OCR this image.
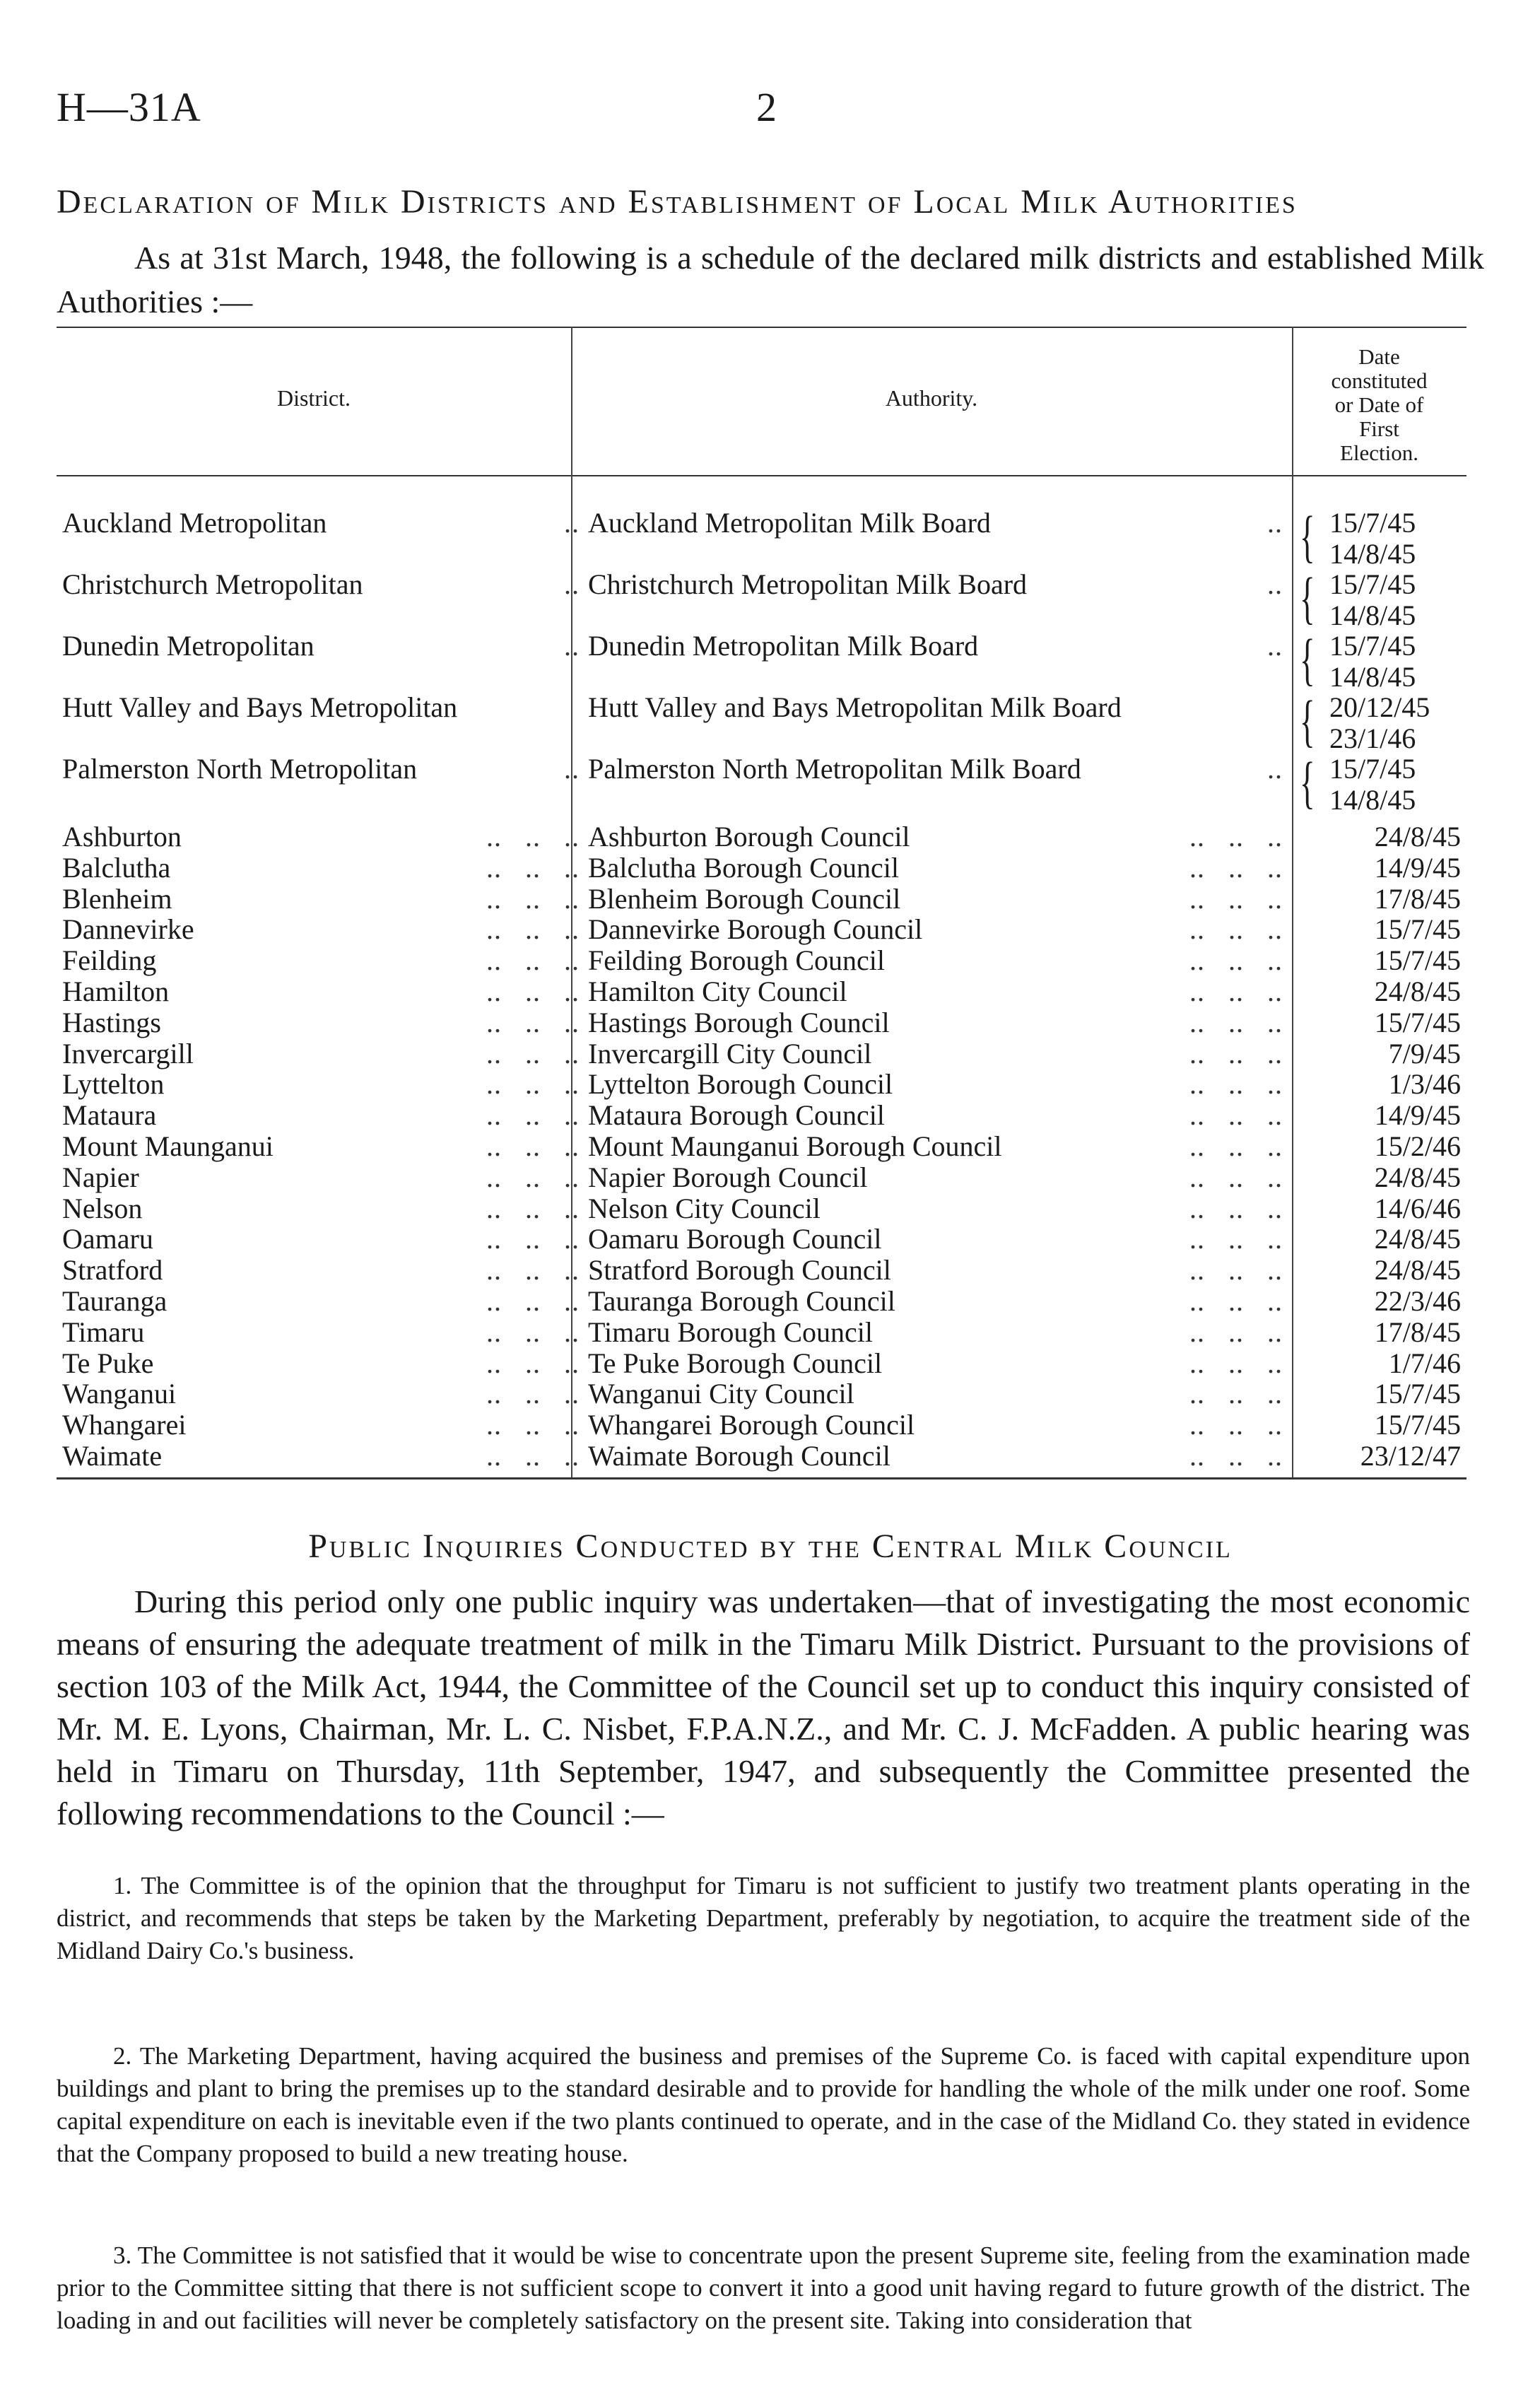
H—31A	2
Declaration of Milk Districts and Establishment of Local Milk Authorities
As at 31st March, 1948, the following is a schedule of the declared milk districts and established Milk Authorities :—
District.	Authority.
Date
constituted
or Date of
First
Election.
Auckland Metropolitan	.. Auckland Metropolitan Milk Board	.. { 15/7/45
14/8/45
Christchurch Metropolitan	.. Christchurch Metropolitan Milk Board	.. { 15/7/45
14/8/45
Dunedin Metropolitan	.. Dunedin Metropolitan Milk Board	.. { 15/7/45
14/8/45
Hutt Valley and Bays Metropolitan	Hutt Valley and Bays Metropolitan Milk Board	{ 20/12/45
23/1/46
Palmerston North Metropolitan	.. Palmerston North Metropolitan Milk Board	.. { 15/7/45
14/8/45
Ashburton	..   ..   .. Ashburton Borough Council	..   ..   ..	24/8/45
Balclutha	..   ..   .. Balclutha Borough Council	..   ..   ..	14/9/45
Blenheim	..   ..   .. Blenheim Borough Council	..   ..   ..	17/8/45
Dannevirke	..   ..   .. Dannevirke Borough Council	..   ..   ..	15/7/45
Feilding	..   ..   .. Feilding Borough Council	..   ..   ..	15/7/45
Hamilton	..   ..   .. Hamilton City Council	..   ..   ..	24/8/45
Hastings	..   ..   .. Hastings Borough Council	..   ..   ..	15/7/45
Invercargill	..   ..   .. Invercargill City Council	..   ..   ..	7/9/45
Lyttelton	..   ..   .. Lyttelton Borough Council	..   ..   ..	1/3/46
Mataura	..   ..   .. Mataura Borough Council	..   ..   ..	14/9/45
Mount Maunganui	..   ..   .. Mount Maunganui Borough Council	..   ..   ..	15/2/46
Napier	..   ..   .. Napier Borough Council	..   ..   ..	24/8/45
Nelson	..   ..   .. Nelson City Council	..   ..   ..	14/6/46
Oamaru	..   ..   .. Oamaru Borough Council	..   ..   ..	24/8/45
Stratford	..   ..   .. Stratford Borough Council	..   ..   ..	24/8/45
Tauranga	..   ..   .. Tauranga Borough Council	..   ..   ..	22/3/46
Timaru	..   ..   .. Timaru Borough Council	..   ..   ..	17/8/45
Te Puke	..   ..   .. Te Puke Borough Council	..   ..   ..	1/7/46
Wanganui	..   ..   .. Wanganui City Council	..   ..   ..	15/7/45
Whangarei	..   ..   .. Whangarei Borough Council	..   ..   ..	15/7/45
Waimate	..   ..   .. Waimate Borough Council	..   ..   ..	23/12/47
Public Inquiries Conducted by the Central Milk Council
During this period only one public inquiry was undertaken—that of investigating the most economic means of ensuring the adequate treatment of milk in the Timaru Milk District. Pursuant to the provisions of section 103 of the Milk Act, 1944, the Committee of the Council set up to conduct this inquiry consisted of Mr. M. E. Lyons, Chairman, Mr. L. C. Nisbet, F.P.A.N.Z., and Mr. C. J. McFadden. A public hearing was held in Timaru on Thursday, 11th September, 1947, and subsequently the Committee presented the following recommendations to the Council :—
1. The Committee is of the opinion that the throughput for Timaru is not sufficient to justify two treatment plants operating in the district, and recommends that steps be taken by the Marketing Department, preferably by negotiation, to acquire the treatment side of the Midland Dairy Co.'s business.
2. The Marketing Department, having acquired the business and premises of the Supreme Co. is faced with capital expenditure upon buildings and plant to bring the premises up to the standard desirable and to provide for handling the whole of the milk under one roof. Some capital expenditure on each is inevitable even if the two plants continued to operate, and in the case of the Midland Co. they stated in evidence that the Company proposed to build a new treating house.
3. The Committee is not satisfied that it would be wise to concentrate upon the present Supreme site, feeling from the examination made prior to the Committee sitting that there is not sufficient scope to convert it into a good unit having regard to future growth of the district. The loading in and out facilities will never be completely satisfactory on the present site. Taking into consideration that
